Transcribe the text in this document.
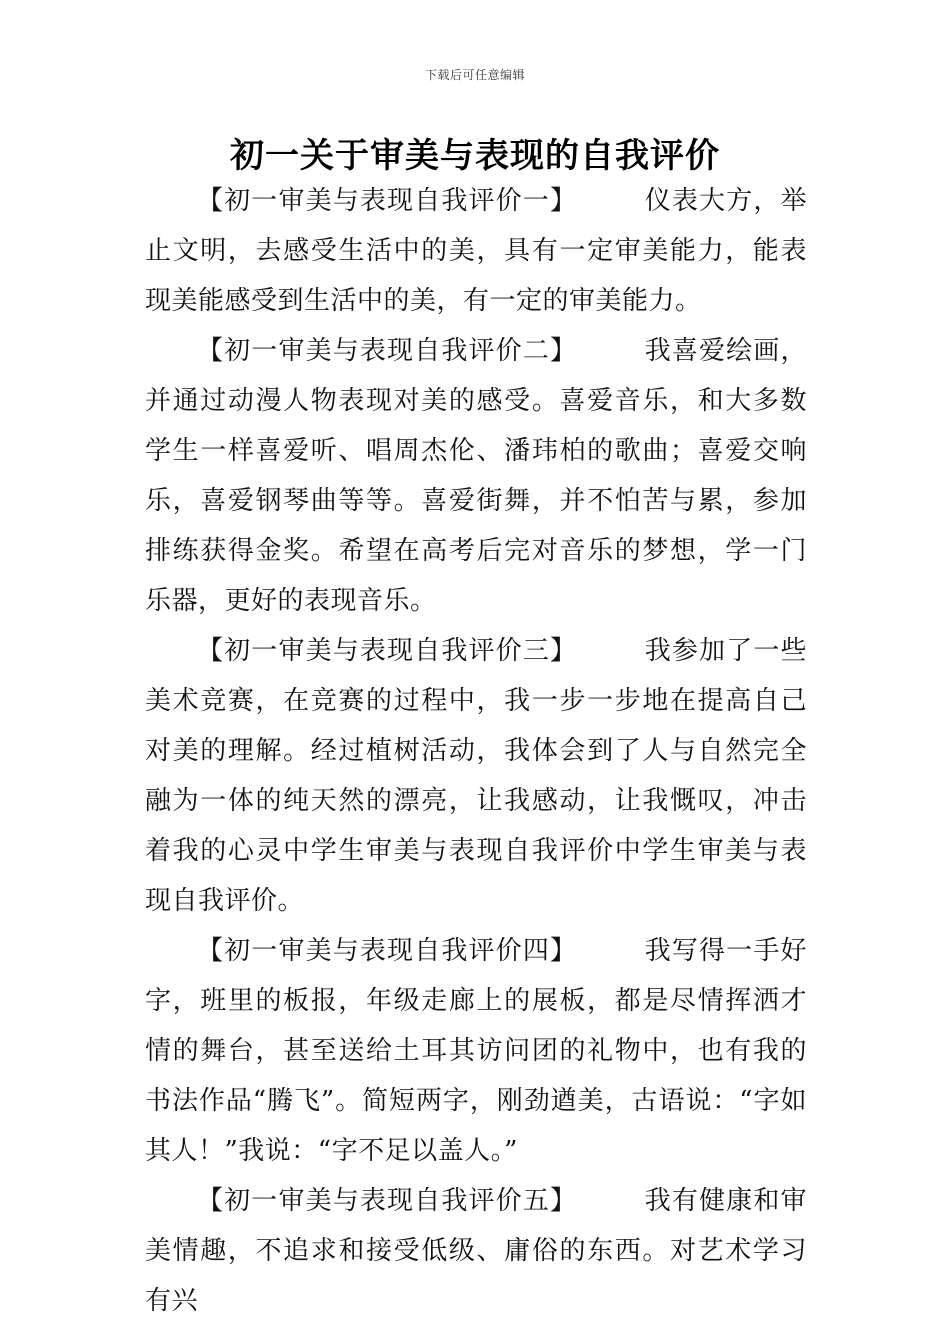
下载后可任意编辑
初一关于审美与表现的自我评价

【初一审美与表现自我评价一】	仪表大方，举止文明，去感受生活中的美，具有一定审美能力，能表现美能感受到生活中的美，有一定的审美能力。

【初一审美与表现自我评价二】	我喜爱绘画，并通过动漫人物表现对美的感受。喜爱音乐，和大多数学生一样喜爱听、唱周杰伦、潘玮柏的歌曲；喜爱交响乐，喜爱钢琴曲等等。喜爱街舞，并不怕苦与累，参加排练获得金奖。希望在高考后完对音乐的梦想，学一门乐器，更好的表现音乐。

【初一审美与表现自我评价三】	我参加了一些美术竞赛，在竞赛的过程中，我一步一步地在提高自己对美的理解。经过植树活动，我体会到了人与自然完全融为一体的纯天然的漂亮，让我感动，让我慨叹，冲击着我的心灵中学生审美与表现自我评价中学生审美与表现自我评价。

【初一审美与表现自我评价四】	我写得一手好字，班里的板报，年级走廊上的展板，都是尽情挥洒才情的舞台，甚至送给土耳其访问团的礼物中，也有我的书法作品“腾飞”。简短两字，刚劲遒美，古语说：“字如其人！”我说：“字不足以盖人。”

【初一审美与表现自我评价五】	我有健康和审美情趣，不追求和接受低级、庸俗的东西。对艺术学习有兴
